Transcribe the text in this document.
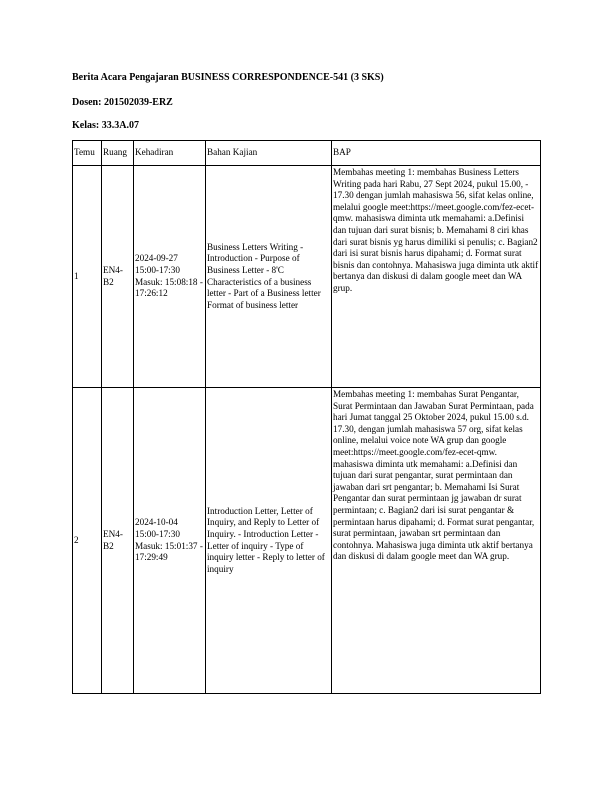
Berita Acara Pengajaran BUSINESS CORRESPONDENCE-541 (3 SKS)
Dosen: 201502039-ERZ
Kelas: 33.3A.07
Temu	Ruang	Kehadiran	Bahan Kajian	BAP
1	EN4-B2	2024-09-27 15:00-17:30 Masuk: 15:08:18 - 17:26:12	Business Letters Writing - Introduction - Purpose of Business Letter - 8'C Characteristics of a business letter - Part of a Business letter Format of business letter	Membahas meeting 1: membahas Business Letters Writing pada hari Rabu, 27 Sept 2024, pukul 15.00, - 17.30 dengan jumlah mahasiswa 56, sifat kelas online, melalui google meet:https://meet.google.com/fez-ecet-qmw. mahasiswa diminta utk memahami: a.Definisi dan tujuan dari surat bisnis; b. Memahami 8 ciri khas dari surat bisnis yg harus dimiliki si penulis; c. Bagian2 dari isi surat bisnis harus dipahami; d. Format surat bisnis dan contohnya. Mahasiswa juga diminta utk aktif bertanya dan diskusi di dalam google meet dan WA grup.
2	EN4-B2	2024-10-04 15:00-17:30 Masuk: 15:01:37 - 17:29:49	Introduction Letter, Letter of Inquiry, and Reply to Letter of Inquiry. - Introduction Letter - Letter of inquiry - Type of inquiry letter - Reply to letter of inquiry	Membahas meeting 1: membahas Surat Pengantar, Surat Permintaan dan Jawaban Surat Permintaan, pada hari Jumat tanggal 25 Oktober 2024, pukul 15.00 s.d. 17.30, dengan jumlah mahasiswa 57 org, sifat kelas online, melalui voice note WA grup dan google meet:https://meet.google.com/fez-ecet-qmw. mahasiswa diminta utk memahami: a.Definisi dan tujuan dari surat pengantar, surat permintaan dan jawaban dari srt pengantar; b. Memahami Isi Surat Pengantar dan surat permintaan jg jawaban dr surat permintaan; c. Bagian2 dari isi surat pengantar & permintaan harus dipahami; d. Format surat pengantar, surat permintaan, jawaban srt permintaan dan contohnya. Mahasiswa juga diminta utk aktif bertanya dan diskusi di dalam google meet dan WA grup.
